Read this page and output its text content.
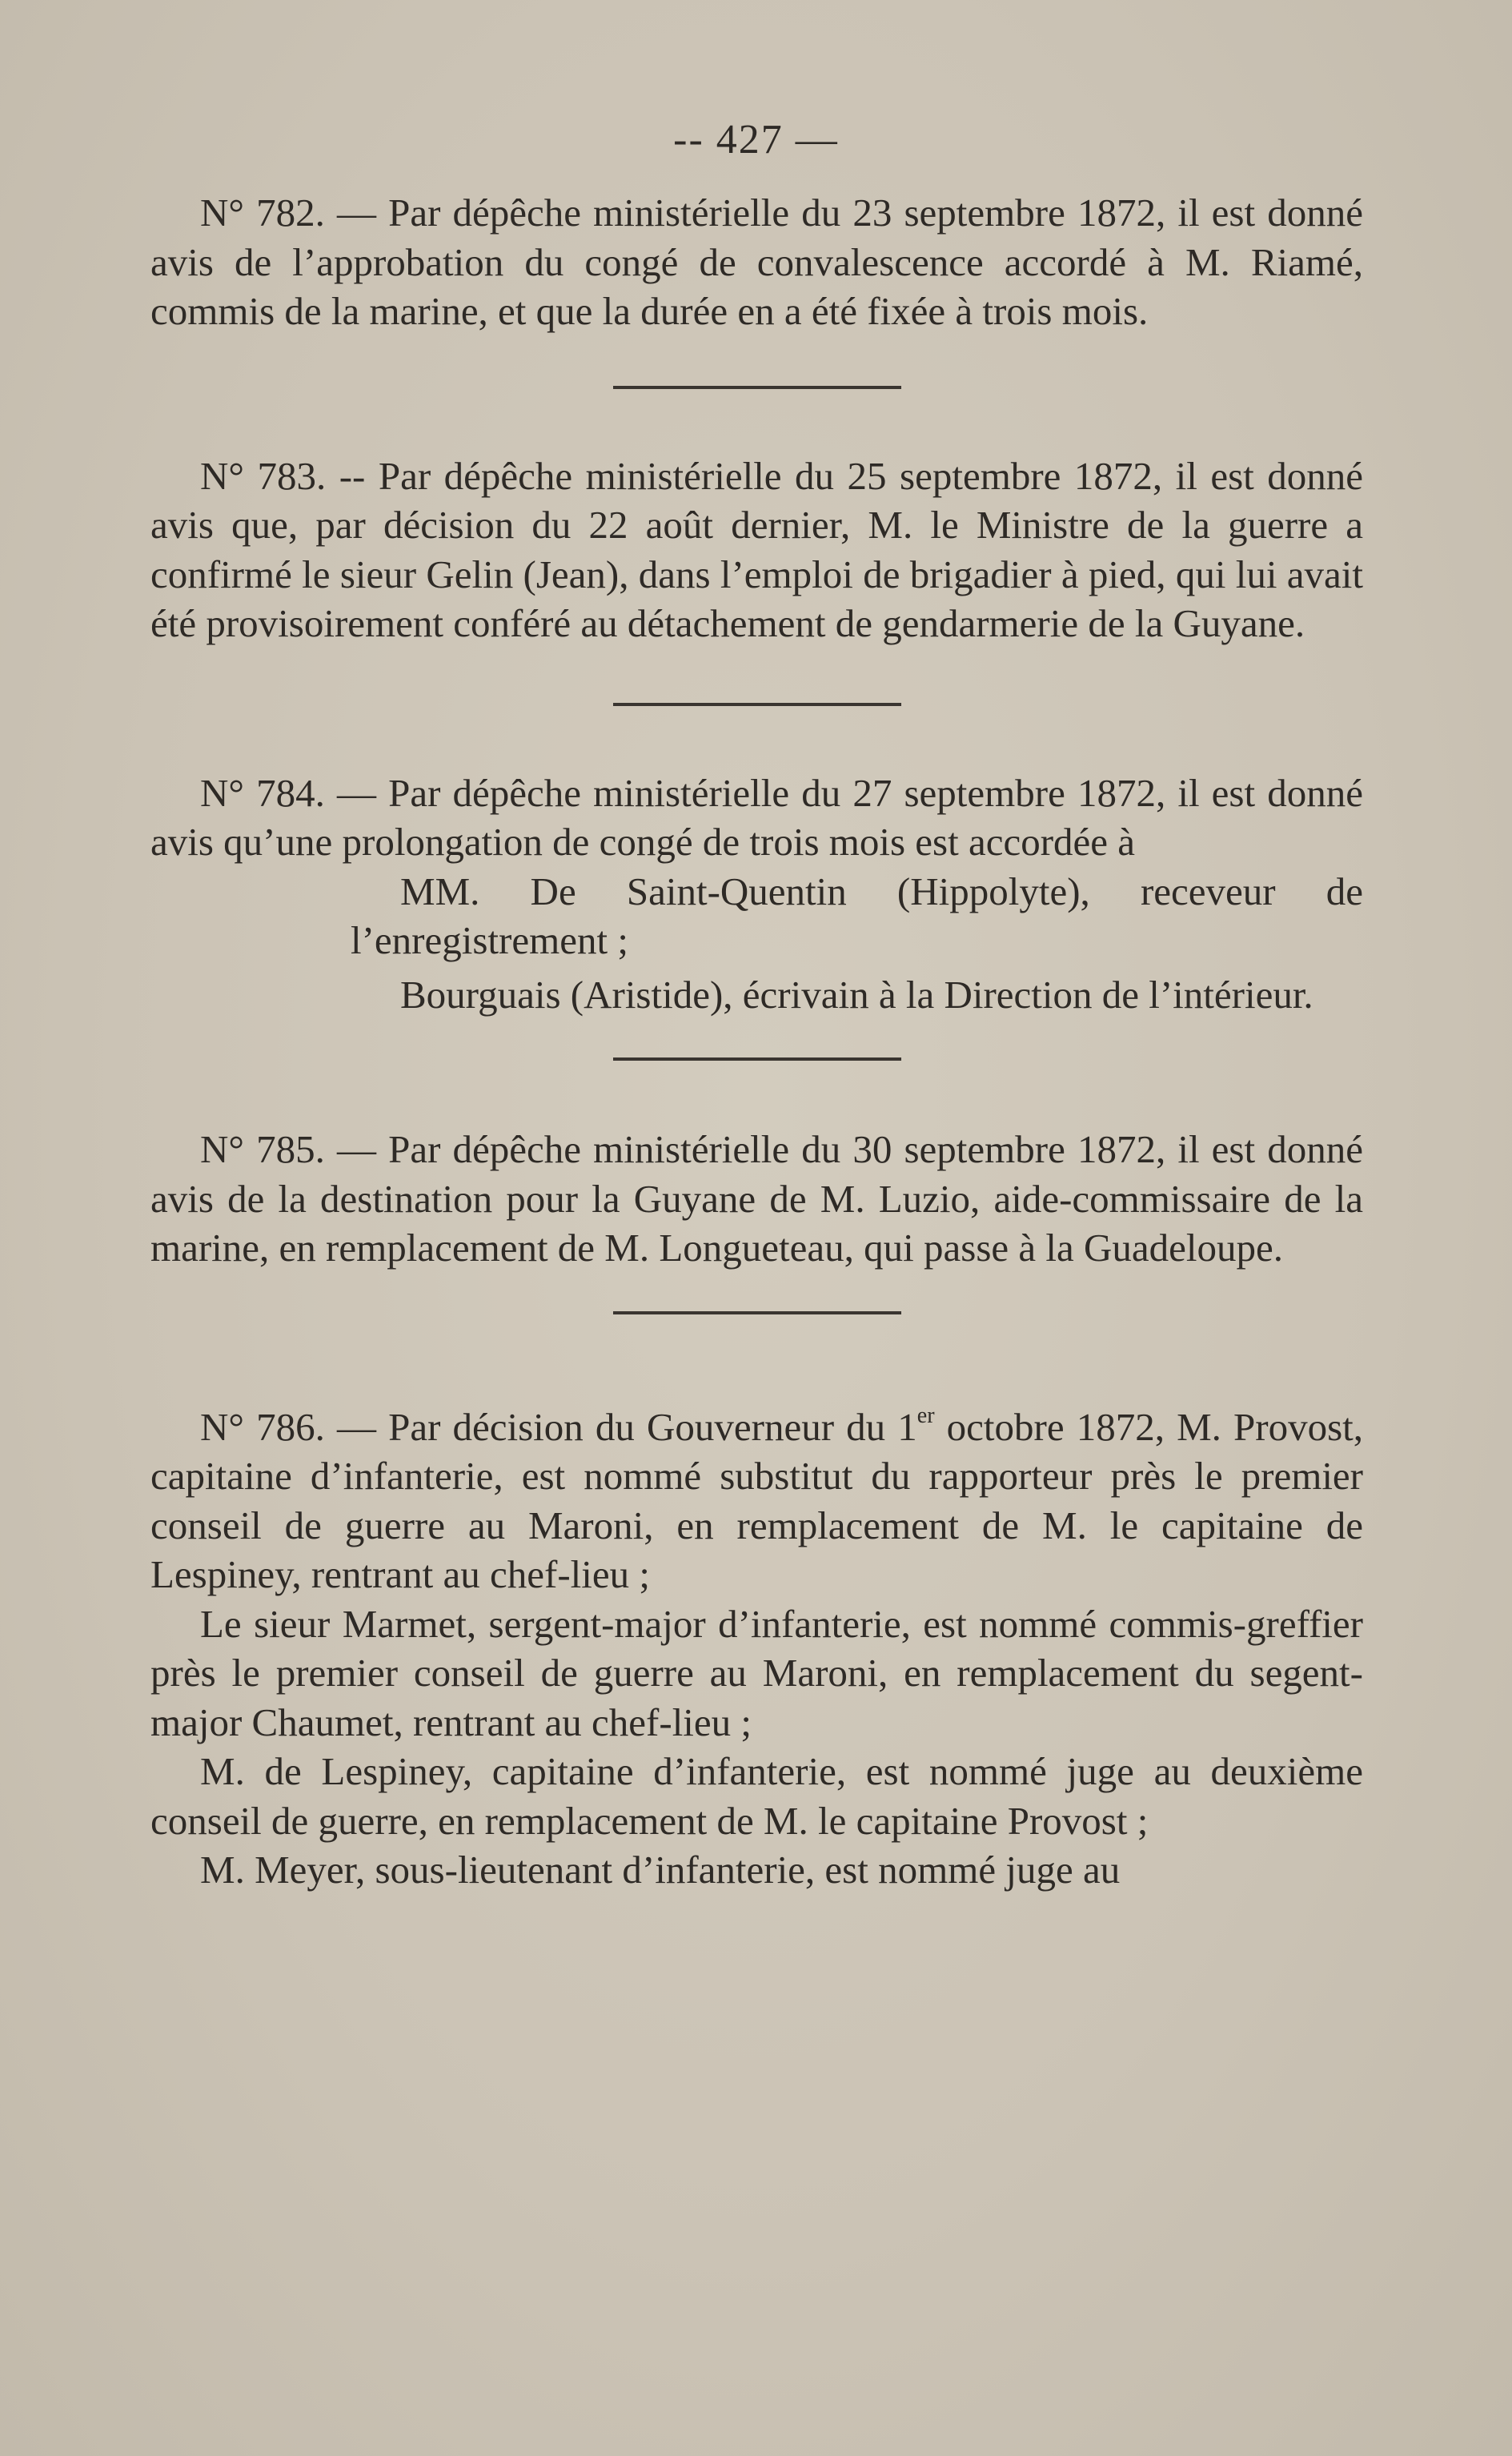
-- 427 —

N° 782. — Par dépêche ministérielle du 23 septembre 1872, il est donné avis de l’approbation du congé de convalescence accordé à M. Riamé, commis de la marine, et que la durée en a été fixée à trois mois.

N° 783. -- Par dépêche ministérielle du 25 septembre 1872, il est donné avis que, par décision du 22 août dernier, M. le Ministre de la guerre a confirmé le sieur Gelin (Jean), dans l’emploi de brigadier à pied, qui lui avait été provisoirement conféré au détachement de gendarmerie de la Guyane.

N° 784. — Par dépêche ministérielle du 27 septembre 1872, il est donné avis qu’une prolongation de congé de trois mois est accordée à

MM. De Saint-Quentin (Hippolyte), receveur de l’enregistrement ;

Bourguais (Aristide), écrivain à la Direction de l’intérieur.

N° 785. — Par dépêche ministérielle du 30 septembre 1872, il est donné avis de la destination pour la Guyane de M. Luzio, aide-commissaire de la marine, en remplacement de M. Longueteau, qui passe à la Guadeloupe.

N° 786. — Par décision du Gouverneur du 1er octobre 1872, M. Provost, capitaine d’infanterie, est nommé substitut du rapporteur près le premier conseil de guerre au Maroni, en remplacement de M. le capitaine de Lespiney, rentrant au chef-lieu ;

Le sieur Marmet, sergent-major d’infanterie, est nommé commis-greffier près le premier conseil de guerre au Maroni, en remplacement du segent-major Chaumet, rentrant au chef-lieu ;

M. de Lespiney, capitaine d’infanterie, est nommé juge au deuxième conseil de guerre, en remplacement de M. le capitaine Provost ;

M. Meyer, sous-lieutenant d’infanterie, est nommé juge au
